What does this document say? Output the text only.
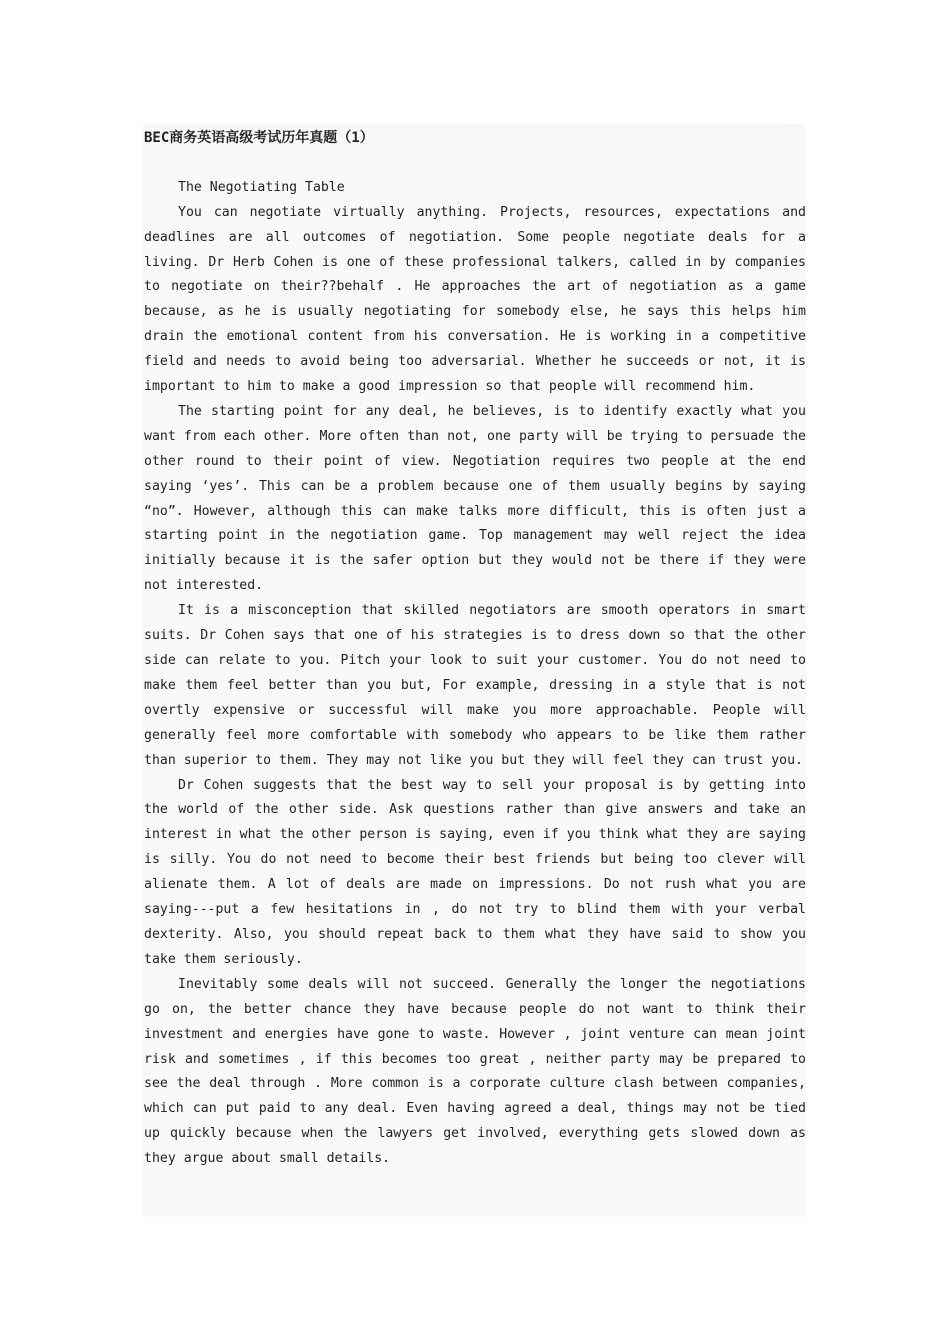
BEC商务英语高级考试历年真题（1）

The Negotiating Table

You can negotiate virtually anything. Projects, resources, expectations and deadlines are all outcomes of negotiation. Some people negotiate deals for a living. Dr Herb Cohen is one of these professional talkers, called in by companies to negotiate on their??behalf . He approaches the art of negotiation as a game because, as he is usually negotiating for somebody else, he says this helps him drain the emotional content from his conversation. He is working in a competitive field and needs to avoid being too adversarial. Whether he succeeds or not, it is important to him to make a good impression so that people will recommend him.

The starting point for any deal, he believes, is to identify exactly what you want from each other. More often than not, one party will be trying to persuade the other round to their point of view. Negotiation requires two people at the end saying ‘yes’. This can be a problem because one of them usually begins by saying “no”. However, although this can make talks more difficult, this is often just a starting point in the negotiation game. Top management may well reject the idea initially because it is the safer option but they would not be there if they were not interested.

It is a misconception that skilled negotiators are smooth operators in smart suits. Dr Cohen says that one of his strategies is to dress down so that the other side can relate to you. Pitch your look to suit your customer. You do not need to make them feel better than you but, For example, dressing in a style that is not overtly expensive or successful will make you more approachable. People will generally feel more comfortable with somebody who appears to be like them rather than superior to them. They may not like you but they will feel they can trust you.

Dr Cohen suggests that the best way to sell your proposal is by getting into the world of the other side. Ask questions rather than give answers and take an interest in what the other person is saying, even if you think what they are saying is silly. You do not need to become their best friends but being too clever will alienate them. A lot of deals are made on impressions. Do not rush what you are saying---put a few hesitations in , do not try to blind them with your verbal dexterity. Also, you should repeat back to them what they have said to show you take them seriously.

Inevitably some deals will not succeed. Generally the longer the negotiations go on, the better chance they have because people do not want to think their investment and energies have gone to waste. However , joint venture can mean joint risk and sometimes , if this becomes too great , neither party may be prepared to see the deal through . More common is a corporate culture clash between companies, which can put paid to any deal. Even having agreed a deal, things may not be tied up quickly because when the lawyers get involved, everything gets slowed down as they argue about small details.
